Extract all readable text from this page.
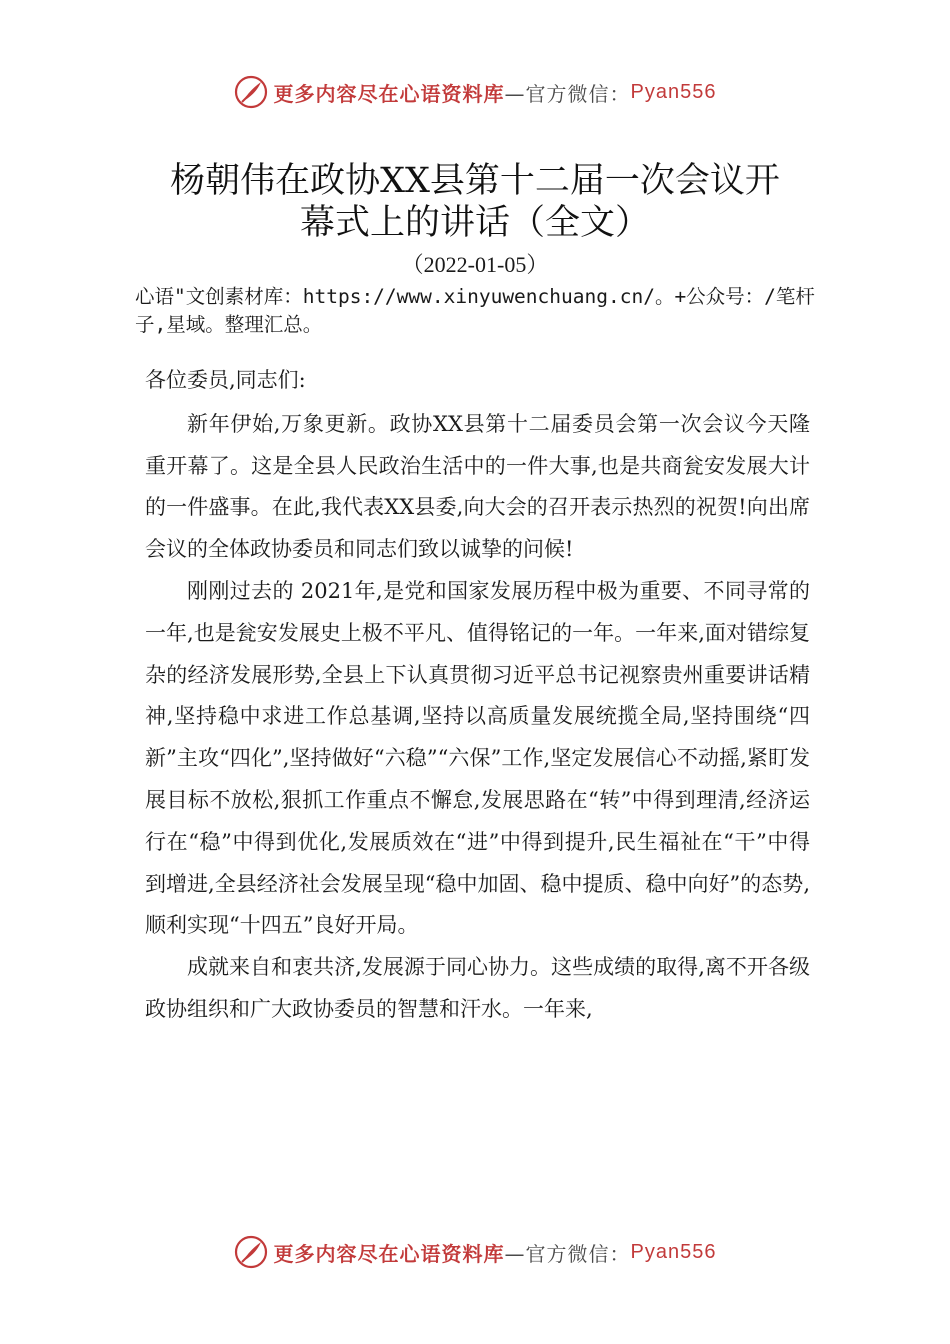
更多内容尽在心语资料库 —官方微信： Pyan556
杨朝伟在政协XX县第十二届一次会议开
幕式上的讲话（全文）
（2022-01-05）
心语"文创素材库：https://www.xinyuwenchuang.cn/。+公众号：/笔杆子,星域。整理汇总。

各位委员,同志们:

新年伊始,万象更新。政协XX县第十二届委员会第一次会议今天隆重开幕了。这是全县人民政治生活中的一件大事,也是共商瓮安发展大计的一件盛事。在此,我代表XX县委,向大会的召开表示热烈的祝贺!向出席会议的全体政协委员和同志们致以诚挚的问候!

刚刚过去的 2021年,是党和国家发展历程中极为重要、不同寻常的一年,也是瓮安发展史上极不平凡、值得铭记的一年。一年来,面对错综复杂的经济发展形势,全县上下认真贯彻习近平总书记视察贵州重要讲话精神,坚持稳中求进工作总基调,坚持以高质量发展统揽全局,坚持围绕“四新”主攻“四化”,坚持做好“六稳”“六保”工作,坚定发展信心不动摇,紧盯发展目标不放松,狠抓工作重点不懈怠,发展思路在“转”中得到理清,经济运行在“稳”中得到优化,发展质效在“进”中得到提升,民生福祉在“干”中得到增进,全县经济社会发展呈现“稳中加固、稳中提质、稳中向好”的态势,顺利实现“十四五”良好开局。

成就来自和衷共济,发展源于同心协力。这些成绩的取得,离不开各级政协组织和广大政协委员的智慧和汗水。一年来,

更多内容尽在心语资料库 —官方微信： Pyan556
